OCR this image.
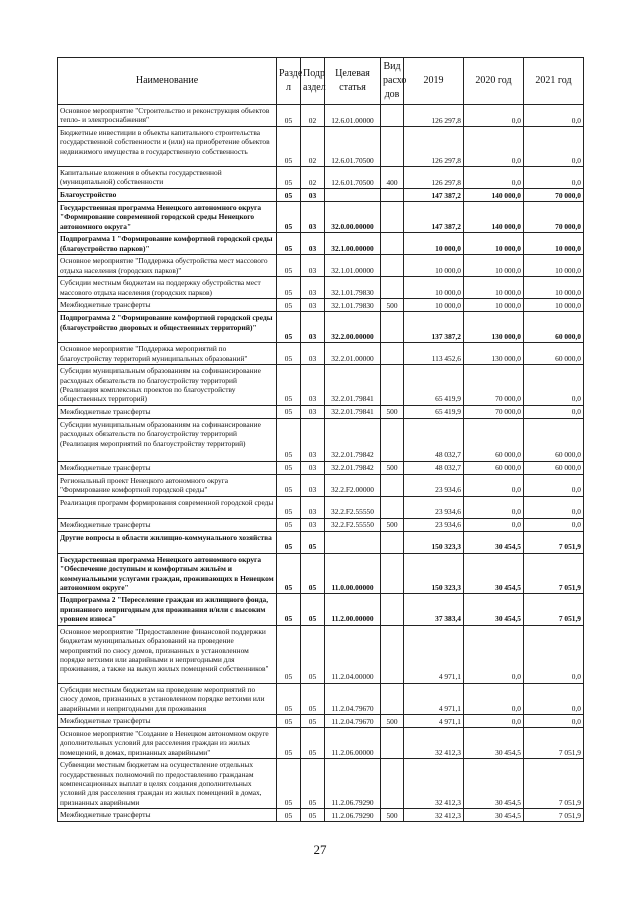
Наименование	Разде л	Подр аздел	Целевая статья	Вид расхо дов	2019	2020 год	2021 год
Основное мероприятие "Строительство и реконструкция объектов тепло- и электроснабжения"	05	02	12.6.01.00000		126 297,8	0,0	0,0
Бюджетные инвестиции в объекты капитального строительства государственной собственности и (или) на приобретение объектов недвижимого имущества в государственную собственность	05	02	12.6.01.70500		126 297,8	0,0	0,0
Капитальные вложения в объекты государственной (муниципальной) собственности	05	02	12.6.01.70500	400	126 297,8	0,0	0,0
Благоустройство	05	03			147 387,2	140 000,0	70 000,0
Государственная программа Ненецкого автономного округа "Формирование современной городской среды Ненецкого автономного округа"	05	03	32.0.00.00000		147 387,2	140 000,0	70 000,0
Подпрограмма 1 "Формирование комфортной городской среды (благоустройство парков)"	05	03	32.1.00.00000		10 000,0	10 000,0	10 000,0
Основное мероприятие "Поддержка обустройства мест массового отдыха населения (городских парков)"	05	03	32.1.01.00000		10 000,0	10 000,0	10 000,0
Субсидии местным бюджетам на поддержку обустройства мест массового отдыха населения (городских парков)	05	03	32.1.01.79830		10 000,0	10 000,0	10 000,0
Межбюджетные трансферты	05	03	32.1.01.79830	500	10 000,0	10 000,0	10 000,0
Подпрограмма 2 "Формирование комфортной городской среды (благоустройство дворовых и общественных территорий)"	05	03	32.2.00.00000		137 387,2	130 000,0	60 000,0
Основное мероприятие "Поддержка мероприятий по благоустройству территорий муниципальных образований"	05	03	32.2.01.00000		113 452,6	130 000,0	60 000,0
Субсидии муниципальным образованиям на софинансирование расходных обязательств по благоустройству территорий (Реализация комплексных проектов по благоустройству общественных территорий)	05	03	32.2.01.79841		65 419,9	70 000,0	0,0
Межбюджетные трансферты	05	03	32.2.01.79841	500	65 419,9	70 000,0	0,0
Субсидии муниципальным образованиям на софинансирование расходных обязательств по благоустройству территорий (Реализация мероприятий по благоустройству территорий)	05	03	32.2.01.79842		48 032,7	60 000,0	60 000,0
Межбюджетные трансферты	05	03	32.2.01.79842	500	48 032,7	60 000,0	60 000,0
Региональный проект Ненецкого автономного округа "Формирование комфортной городской среды"	05	03	32.2.F2.00000		23 934,6	0,0	0,0
Реализация программ формирования современной городской среды	05	03	32.2.F2.55550		23 934,6	0,0	0,0
Межбюджетные трансферты	05	03	32.2.F2.55550	500	23 934,6	0,0	0,0
Другие вопросы в области жилищно-коммунального хозяйства	05	05			150 323,3	30 454,5	7 051,9
Государственная программа Ненецкого автономного округа "Обеспечение доступным и комфортным жильём и коммунальными услугами граждан, проживающих в Ненецком автономном округе"	05	05	11.0.00.00000		150 323,3	30 454,5	7 051,9
Подпрограмма 2 "Переселение граждан из жилищного фонда, признанного непригодным для проживания и/или с высоким уровнем износа"	05	05	11.2.00.00000		37 383,4	30 454,5	7 051,9
Основное мероприятие "Предоставление финансовой поддержки бюджетам муниципальных образований на проведение мероприятий по сносу домов, признанных в установленном порядке ветхими или аварийными и непригодными для проживания, а также на выкуп жилых помещений собственников"	05	05	11.2.04.00000		4 971,1	0,0	0,0
Субсидии местным бюджетам на проведение мероприятий по сносу домов, признанных в установленном порядке ветхими или аварийными и непригодными для проживания	05	05	11.2.04.79670		4 971,1	0,0	0,0
Межбюджетные трансферты	05	05	11.2.04.79670	500	4 971,1	0,0	0,0
Основное мероприятие "Создание в Ненецком автономном округе дополнительных условий для расселения граждан из жилых помещений, в домах, признанных аварийными"	05	05	11.2.06.00000		32 412,3	30 454,5	7 051,9
Субвенции местным бюджетам на осуществление отдельных государственных полномочий по предоставлению гражданам компенсационных выплат в целях создания дополнительных условий для расселения граждан из жилых помещений в домах, признанных аварийными	05	05	11.2.06.79290		32 412,3	30 454,5	7 051,9
Межбюджетные трансферты	05	05	11.2.06.79290	500	32 412,3	30 454,5	7 051,9
27
